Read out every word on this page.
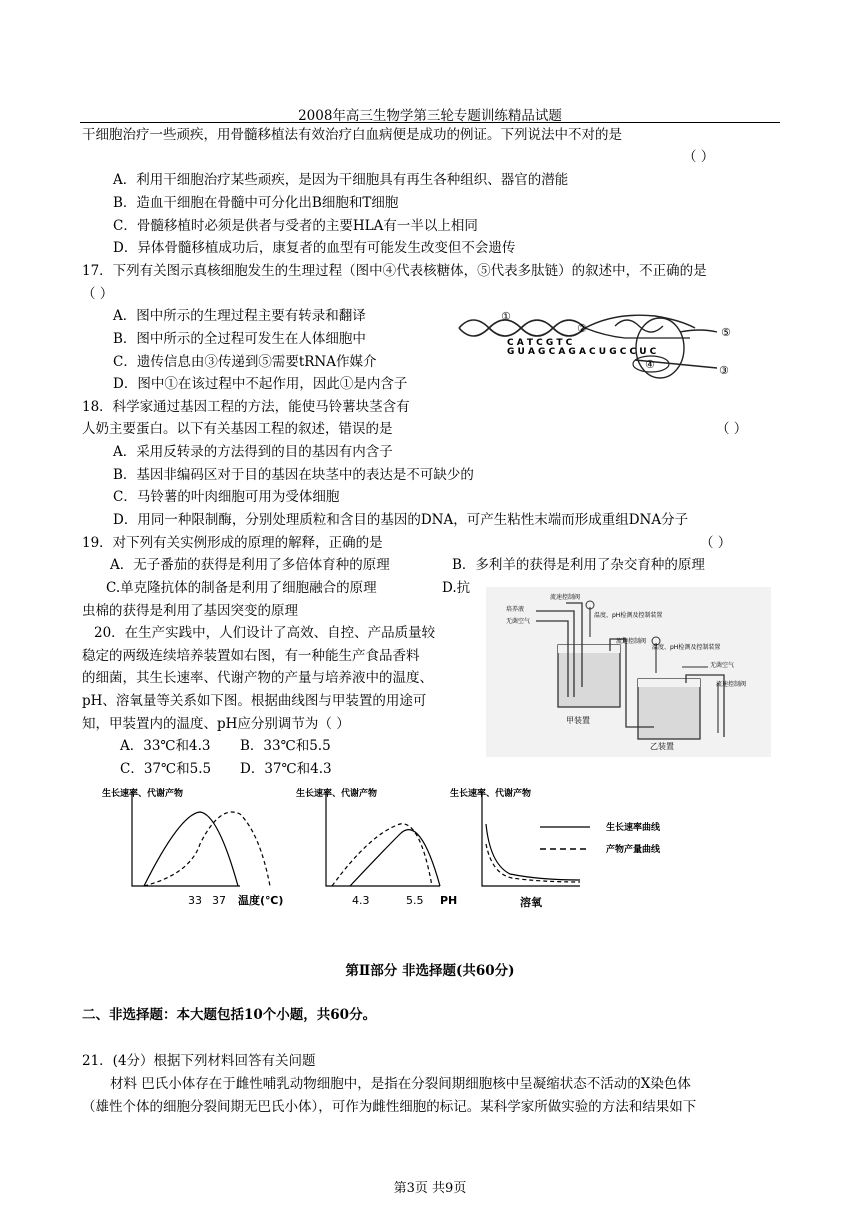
2008年高三生物学第三轮专题训练精品试题
干细胞治疗一些顽疾，用骨髓移植法有效治疗白血病便是成功的例证。下列说法中不对的是
（ ）
A．利用干细胞治疗某些顽疾，是因为干细胞具有再生各种组织、器官的潜能
B．造血干细胞在骨髓中可分化出B细胞和T细胞
C．骨髓移植时必须是供者与受者的主要HLA有一半以上相同
D．异体骨髓移植成功后，康复者的血型有可能发生改变但不会遗传
17．下列有关图示真核细胞发生的生理过程（图中④代表核糖体，⑤代表多肽链）的叙述中，不正确的是
（ ）
A．图中所示的生理过程主要有转录和翻译
B．图中所示的全过程可发生在人体细胞中
C．遗传信息由③传递到⑤需要tRNA作媒介
D．图中①在该过程中不起作用，因此①是内含子
①
②	⑤
③
④
C A T C G T C
G U A G C A G A C U G C C U C
18．科学家通过基因工程的方法，能使马铃薯块茎含有
人奶主要蛋白。以下有关基因工程的叙述，错误的是	（ ）
A．采用反转录的方法得到的目的基因有内含子
B．基因非编码区对于目的基因在块茎中的表达是不可缺少的
C．马铃薯的叶肉细胞可用为受体细胞
D．用同一种限制酶，分别处理质粒和含目的基因的DNA，可产生粘性末端而形成重组DNA分子
19．对下列有关实例形成的原理的解释，正确的是	（ ）
A．无子番茄的获得是利用了多倍体育种的原理	B．多利羊的获得是利用了杂交育种的原理
C.单克隆抗体的制备是利用了细胞融合的原理	D.抗
虫棉的获得是利用了基因突变的原理
20．在生产实践中，人们设计了高效、自控、产品质量较
稳定的两级连续培养装置如右图，有一种能生产食品香料
的细菌，其生长速率、代谢产物的产量与培养液中的温度、
pH、溶氧量等关系如下图。根据曲线图与甲装置的用途可
知，甲装置内的温度、pH应分别调节为（ ）
A．33℃和4.3 B．33℃和5.5
C．37℃和5.5 D．37℃和4.3
流速控制阀
培养液
无菌空气
温度、pH检测及控制装置
流速控制阀
温度、pH检测及控制装置
无菌空气
流速控制阀
甲装置
乙装置
生长速率、代谢产物
33 37 温度(℃)
生长速率、代谢产物
4.3	5.5 PH
生长速率、代谢产物
溶氧
生长速率曲线
产物产量曲线
第Ⅱ部分 非选择题(共60分)
二、非选择题：本大题包括10个小题，共60分。
21．(4分）根据下列材料回答有关问题
材料 巴氏小体存在于雌性哺乳动物细胞中，是指在分裂间期细胞核中呈凝缩状态不活动的X染色体
（雄性个体的细胞分裂间期无巴氏小体），可作为雌性细胞的标记。某科学家所做实验的方法和结果如下
第3页 共9页
